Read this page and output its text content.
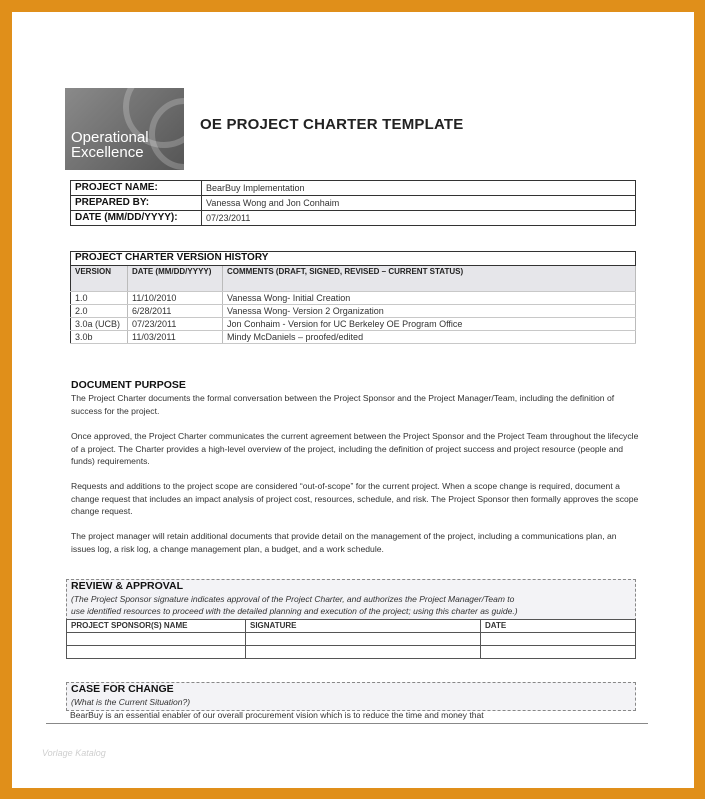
Operational
Excellence
OE PROJECT CHARTER TEMPLATE
PROJECT NAME:	BearBuy Implementation
PREPARED BY:	Vanessa Wong and Jon Conhaim
DATE (MM/DD/YYYY):	07/23/2011
PROJECT CHARTER VERSION HISTORY		
VERSION	DATE (MM/DD/YYYY)	COMMENTS (DRAFT, SIGNED, REVISED – CURRENT STATUS)
1.0	11/10/2010	Vanessa Wong- Initial Creation
2.0	6/28/2011	Vanessa Wong- Version 2 Organization
3.0a (UCB)	07/23/2011	Jon Conhaim - Version for UC Berkeley OE Program Office
3.0b	11/03/2011	Mindy McDaniels – proofed/edited
DOCUMENT PURPOSE

The Project Charter documents the formal conversation between the Project Sponsor and the Project Manager/Team, including the definition of success for the project.

Once approved, the Project Charter communicates the current agreement between the Project Sponsor and the Project Team throughout the lifecycle of a project. The Charter provides a high-level overview of the project, including the definition of project success and project resource (people and funds) requirements.

Requests and additions to the project scope are considered “out-of-scope” for the current project. When a scope change is required, document a change request that includes an impact analysis of project cost, resources, schedule, and risk. The Project Sponsor then formally approves the scope change request.

The project manager will retain additional documents that provide detail on the management of the project, including a communications plan, an issues log, a risk log, a change management plan, a budget, and a work schedule.

REVIEW & APPROVAL
(The Project Sponsor signature indicates approval of the Project Charter, and authorizes the Project Manager/Team to
use identified resources to proceed with the detailed planning and execution of the project; using this charter as guide.)
PROJECT SPONSOR(S) NAME	SIGNATURE	DATE

CASE FOR CHANGE
(What is the Current Situation?)
BearBuy is an essential enabler of our overall procurement vision which is to reduce the time and money that
Vorlage Katalog
